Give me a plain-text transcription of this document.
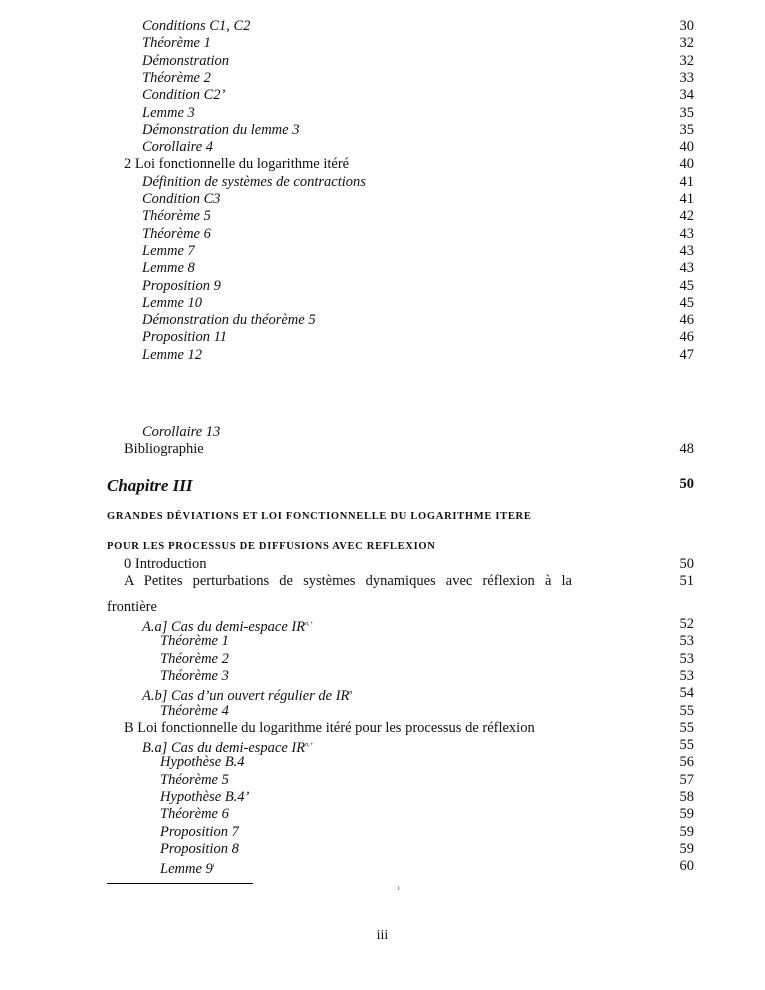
Conditions C1, C2	30
Théorème 1	32
Démonstration	32
Théorème 2	33
Condition C2’	34
Lemme 3	35
Démonstration du lemme 3	35
Corollaire 4	40
2 Loi fonctionnelle du logarithme itéré	40
Définition de systèmes de contractions	41
Condition C3	41
Théorème 5	42
Théorème 6	43
Lemme 7	43
Lemme 8	43
Proposition 9	45
Lemme 10	45
Démonstration du théorème 5	46
Proposition 11	46
Lemme 12	47
Corollaire 13
Bibliographie	48
Chapitre III	50
GRANDES DÉVIATIONS ET LOI FONCTIONNELLE DU LOGARITHME ITERE
POUR LES PROCESSUS DE DIFFUSIONS AVEC REFLEXION
0 Introduction	50
A Petites perturbations de systèmes dynamiques avec réflexion à la	51
frontière
A.a] Cas du demi-espace $IR^{n,+}$	52
Théorème 1	53
Théorème 2	53
Théorème 3	53
A.b] Cas d’un ouvert régulier de $IR^n$	54
Théorème 4	55
B Loi fonctionnelle du logarithme itéré pour les processus de réflexion	55
B.a] Cas du demi-espace $IR^{n,+}$	55
Hypothèse B.4	56
Théorème 5	57
Hypothèse B.4’	58
Théorème 6	59
Proposition 7	59
Proposition 8	59
Lemme 9$^i$	60
i
iii
